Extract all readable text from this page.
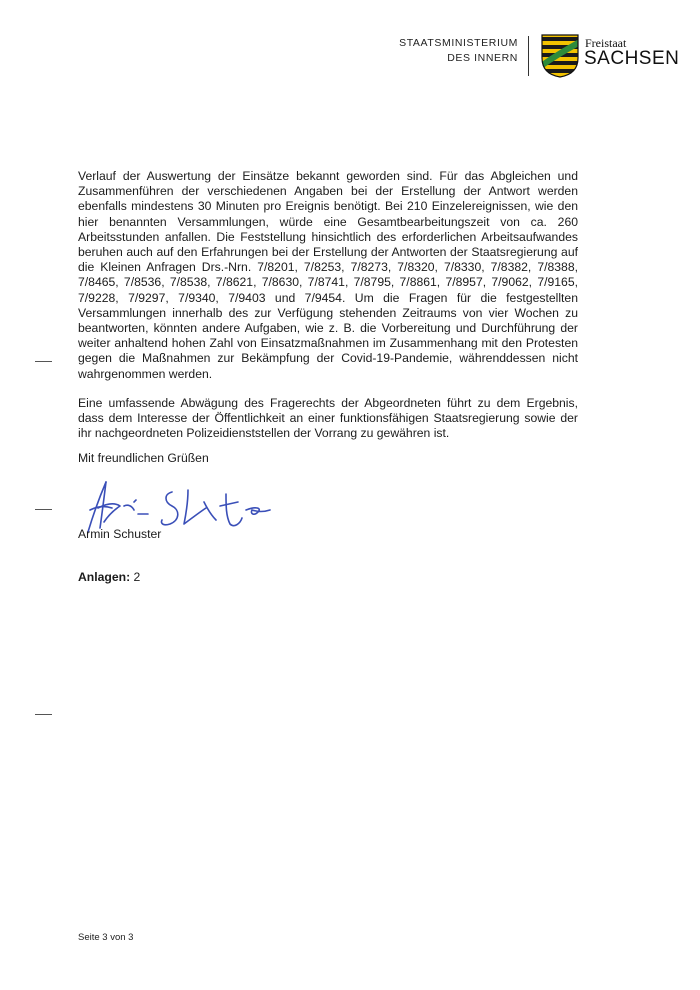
STAATSMINISTERIUM
DES INNERN
Freistaat
SACHSEN

Verlauf der Auswertung der Einsätze bekannt geworden sind. Für das Abgleichen und Zusammenführen der verschiedenen Angaben bei der Erstellung der Antwort werden ebenfalls mindestens 30 Minuten pro Ereignis benötigt. Bei 210 Einzelereignissen, wie den hier benannten Versammlungen, würde eine Gesamtbearbeitungszeit von ca. 260 Arbeitsstunden anfallen. Die Feststellung hinsichtlich des erforderlichen Arbeitsaufwandes beruhen auch auf den Erfahrungen bei der Erstellung der Antworten der Staatsregierung auf die Kleinen Anfragen Drs.-Nrn. 7/8201, 7/8253, 7/8273, 7/8320, 7/8330, 7/8382, 7/8388, 7/8465, 7/8536, 7/8538, 7/8621, 7/8630, 7/8741, 7/8795, 7/8861, 7/8957, 7/9062, 7/9165, 7/9228, 7/9297, 7/9340, 7/9403 und 7/9454. Um die Fragen für die festgestellten Versammlungen innerhalb des zur Verfügung stehenden Zeitraums von vier Wochen zu beantworten, könnten andere Aufgaben, wie z. B. die Vorbereitung und Durchführung der weiter anhaltend hohen Zahl von Einsatzmaßnahmen im Zusammenhang mit den Protesten gegen die Maßnahmen zur Bekämpfung der Covid-19-Pandemie, währenddessen nicht wahrgenommen werden.

Eine umfassende Abwägung des Fragerechts der Abgeordneten führt zu dem Ergebnis, dass dem Interesse der Öffentlichkeit an einer funktionsfähigen Staatsregierung sowie der ihr nachgeordneten Polizeidienststellen der Vorrang zu gewähren ist.

Mit freundlichen Grüßen
Armin Schuster
Anlagen: 2
Seite 3 von 3
